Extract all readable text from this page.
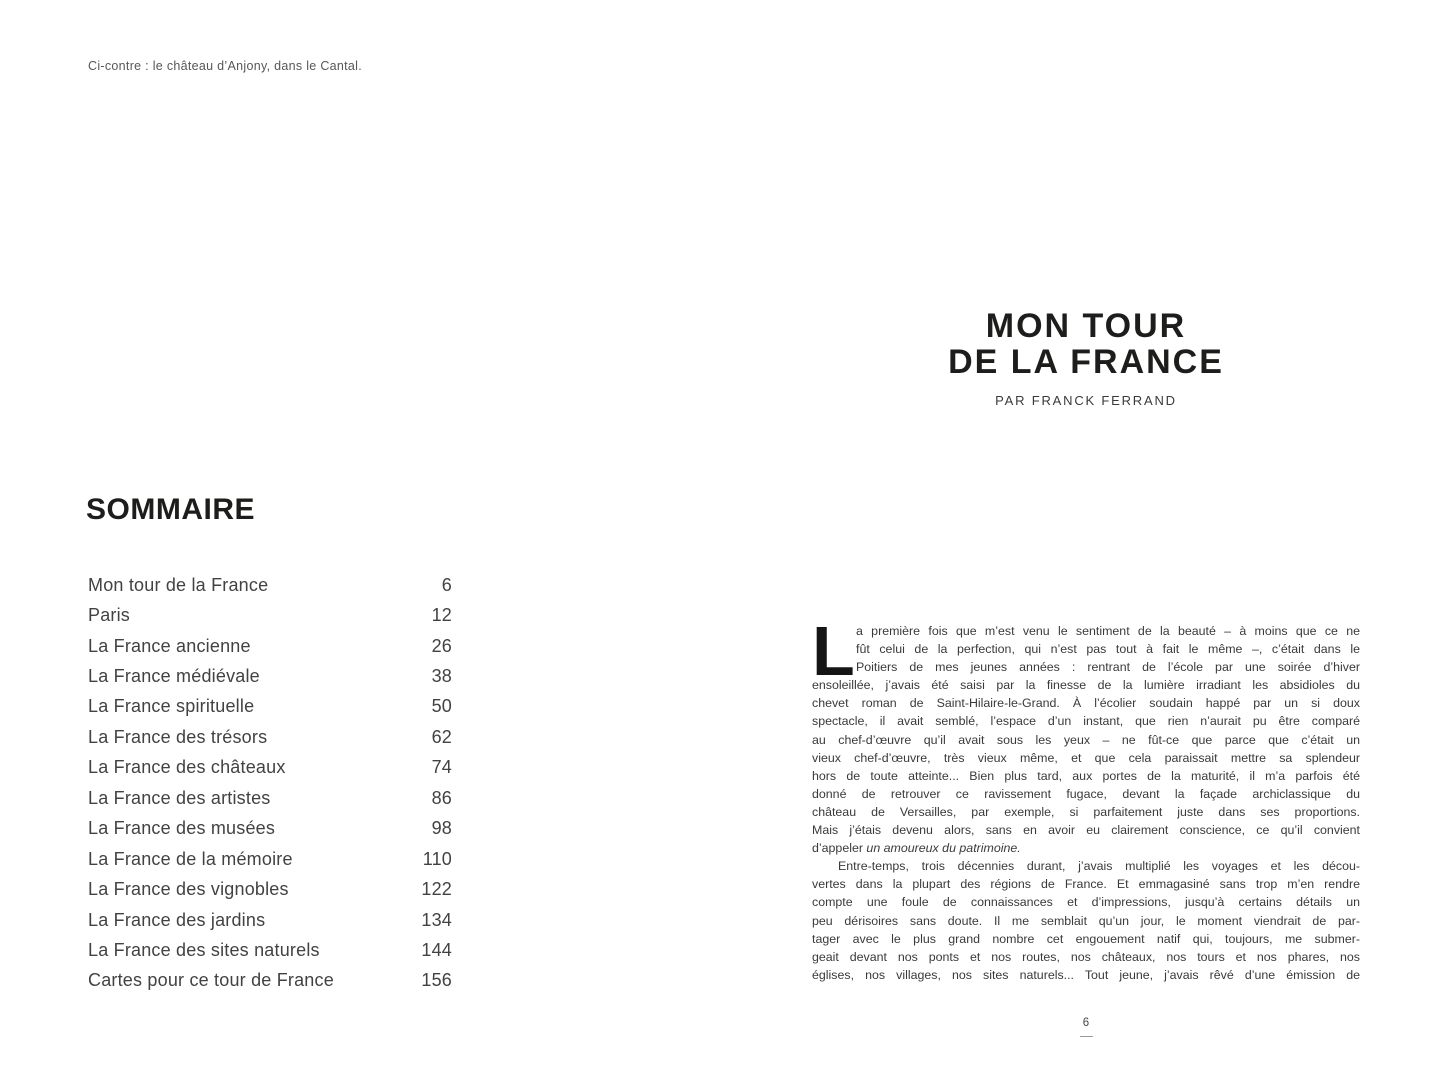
Ci-contre : le château d’Anjony, dans le Cantal.
SOMMAIRE
Mon tour de la France	6
Paris	12
La France ancienne	26
La France médiévale	38
La France spirituelle	50
La France des trésors	62
La France des châteaux	74
La France des artistes	86
La France des musées	98
La France de la mémoire	110
La France des vignobles	122
La France des jardins	134
La France des sites naturels	144
Cartes pour ce tour de France	156
MON TOUR
DE LA FRANCE
PAR FRANCK FERRAND
L a première fois que m’est venu le sentiment de la beauté – à moins que ce ne
fût celui de la perfection, qui n’est pas tout à fait le même –, c’était dans le
Poitiers de mes jeunes années : rentrant de l’école par une soirée d’hiver
ensoleillée, j’avais été saisi par la finesse de la lumière irradiant les absidioles du
chevet roman de Saint-Hilaire-le-Grand. À l’écolier soudain happé par un si doux
spectacle, il avait semblé, l’espace d’un instant, que rien n’aurait pu être comparé
au chef-d’œuvre qu’il avait sous les yeux – ne fût-ce que parce que c’était un
vieux chef-d’œuvre, très vieux même, et que cela paraissait mettre sa splendeur
hors de toute atteinte... Bien plus tard, aux portes de la maturité, il m’a parfois été
donné de retrouver ce ravissement fugace, devant la façade archiclassique du
château de Versailles, par exemple, si parfaitement juste dans ses proportions.
Mais j’étais devenu alors, sans en avoir eu clairement conscience, ce qu’il convient
d’appeler un amoureux du patrimoine.
Entre-temps, trois décennies durant, j’avais multiplié les voyages et les décou-
vertes dans la plupart des régions de France. Et emmagasiné sans trop m’en rendre
compte une foule de connaissances et d’impressions, jusqu’à certains détails un
peu dérisoires sans doute. Il me semblait qu’un jour, le moment viendrait de par-
tager avec le plus grand nombre cet engouement natif qui, toujours, me submer-
geait devant nos ponts et nos routes, nos châteaux, nos tours et nos phares, nos
églises, nos villages, nos sites naturels... Tout jeune, j’avais rêvé d’une émission de
6
